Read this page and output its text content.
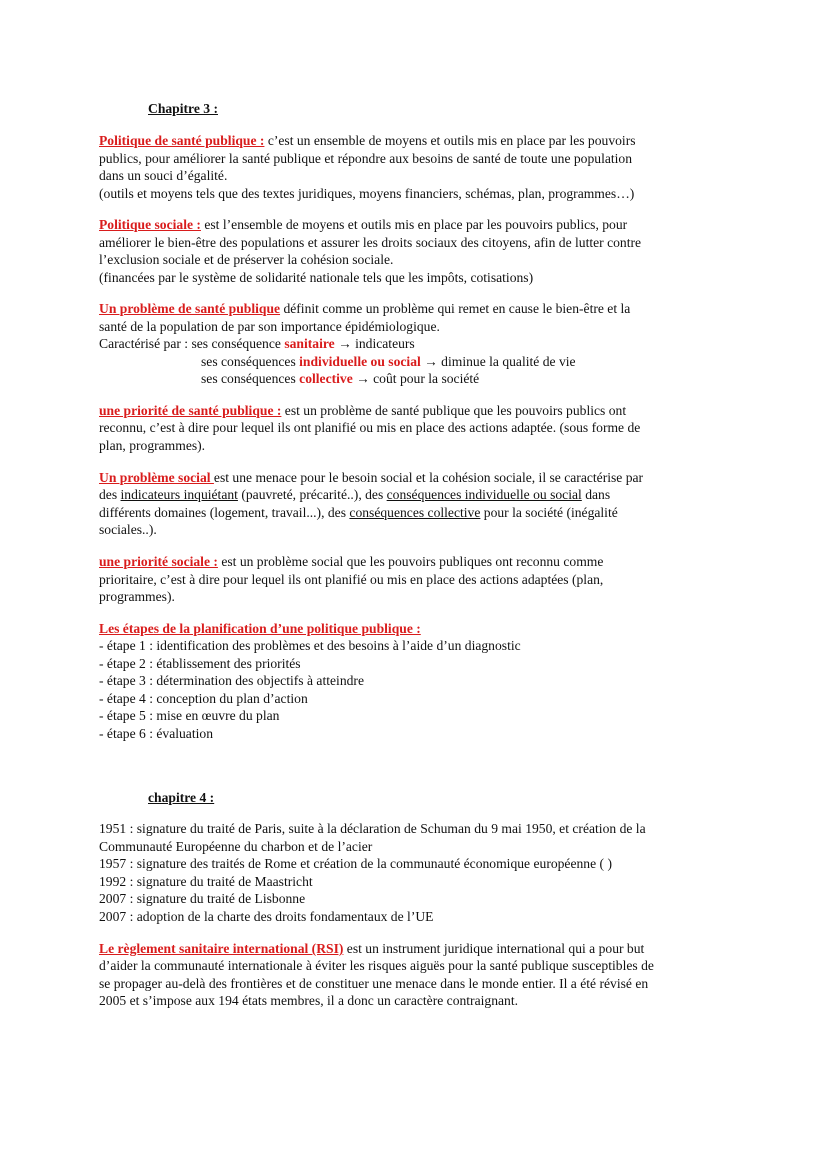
Chapitre 3 :
Politique de santé publique : c’est un ensemble de moyens et outils mis en place par les pouvoirs
publics, pour améliorer la santé publique et répondre aux besoins de santé de toute une population
dans un souci d’égalité.
(outils et moyens tels que des textes juridiques, moyens financiers, schémas, plan, programmes…)
Politique sociale : est l’ensemble de moyens et outils mis en place par les pouvoirs publics, pour
améliorer le bien-être des populations et assurer les droits sociaux des citoyens, afin de lutter contre
l’exclusion sociale et de préserver la cohésion sociale.
(financées par le système de solidarité nationale tels que les impôts, cotisations)
Un problème de santé publique définit comme un problème qui remet en cause le bien-être et la
santé de la population de par son importance épidémiologique.
Caractérisé par : ses conséquence sanitaire → indicateurs
ses conséquences individuelle ou social → diminue la qualité de vie
ses conséquences collective → coût pour la société
une priorité de santé publique : est un problème de santé publique que les pouvoirs publics ont
reconnu, c’est à dire pour lequel ils ont planifié ou mis en place des actions adaptée. (sous forme de
plan, programmes).
Un problème social est une menace pour le besoin social et la cohésion sociale, il se caractérise par
des indicateurs inquiétant (pauvreté, précarité..), des conséquences individuelle ou social dans
différents domaines (logement, travail...), des conséquences collective pour la société (inégalité
sociales..).
une priorité sociale : est un problème social que les pouvoirs publiques ont reconnu comme
prioritaire, c’est à dire pour lequel ils ont planifié ou mis en place des actions adaptées (plan,
programmes).
Les étapes de la planification d’une politique publique :
- étape 1 : identification des problèmes et des besoins à l’aide d’un diagnostic
- étape 2 : établissement des priorités
- étape 3 : détermination des objectifs à atteindre
- étape 4 : conception du plan d’action
- étape 5 : mise en œuvre du plan
- étape 6 : évaluation
chapitre 4 :
1951 : signature du traité de Paris, suite à la déclaration de Schuman du 9 mai 1950, et création de la
Communauté Européenne du charbon et de l’acier
1957 : signature des traités de Rome et création de la communauté économique européenne ( )
1992 : signature du traité de Maastricht
2007 : signature du traité de Lisbonne
2007 : adoption de la charte des droits fondamentaux de l’UE
Le règlement sanitaire international (RSI) est un instrument juridique international qui a pour but
d’aider la communauté internationale à éviter les risques aiguës pour la santé publique susceptibles de
se propager au-delà des frontières et de constituer une menace dans le monde entier. Il a été révisé en
2005 et s’impose aux 194 états membres, il a donc un caractère contraignant.
